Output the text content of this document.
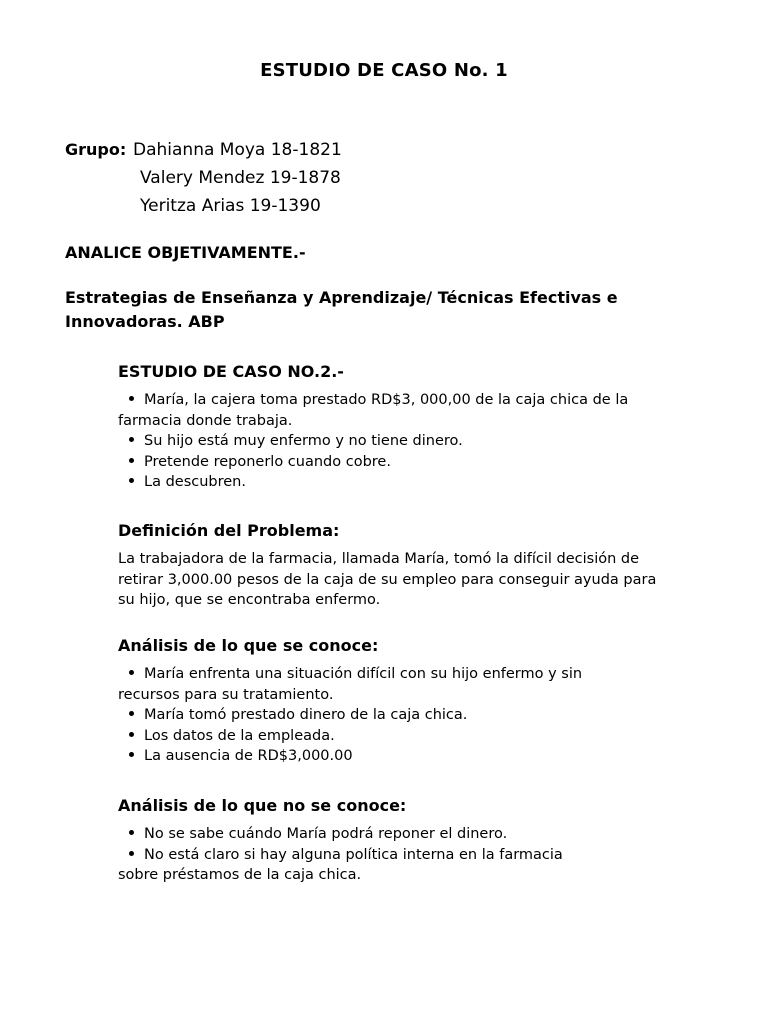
ESTUDIO DE CASO No. 1
Grupo: Dahianna Moya 18-1821
Valery Mendez 19-1878
Yeritza Arias 19-1390
ANALICE OBJETIVAMENTE.-
Estrategias de Enseñanza y Aprendizaje/ Técnicas Efectivas e Innovadoras. ABP
ESTUDIO DE CASO NO.2.-
María, la cajera toma prestado RD$3, 000,00 de la caja chica de la
farmacia donde trabaja.
Su hijo está muy enfermo y no tiene dinero.
Pretende reponerlo cuando cobre.
La descubren.
Definición del Problema:
La trabajadora de la farmacia, llamada María, tomó la difícil decisión de retirar 3,000.00 pesos de la caja de su empleo para conseguir ayuda para su hijo, que se encontraba enfermo.
Análisis de lo que se conoce:
María enfrenta una situación difícil con su hijo enfermo y sin
recursos para su tratamiento.
María tomó prestado dinero de la caja chica.
Los datos de la empleada.
La ausencia de RD$3,000.00
Análisis de lo que no se conoce:
No se sabe cuándo María podrá reponer el dinero.
No está claro si hay alguna política interna en la farmacia
sobre préstamos de la caja chica.
